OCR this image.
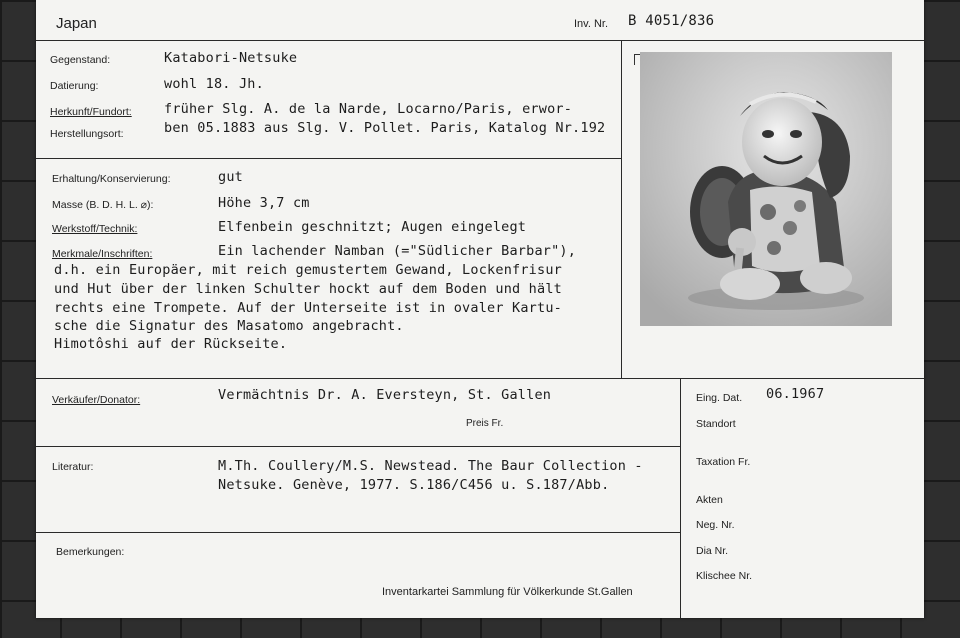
Japan	Inv. Nr. B 4051/836
Gegenstand:	Katabori-Netsuke
Datierung:	wohl 18. Jh.
Herkunft/Fundort: früher Slg. A. de la Narde, Locarno/Paris, erwor-
ben 05.1883 aus Slg. V. Pollet. Paris, Katalog Nr.192
Herstellungsort:
Erhaltung/Konservierung:	gut
Masse (B. D. H. L. ⌀):	Höhe 3,7 cm
Werkstoff/Technik:	Elfenbein geschnitzt; Augen eingelegt
Merkmale/Inschriften:	Ein lachender Namban (="Südlicher Barbar"),
d.h. ein Europäer, mit reich gemustertem Gewand, Lockenfrisur
und Hut über der linken Schulter hockt auf dem Boden und hält
rechts eine Trompete. Auf der Unterseite ist in ovaler Kartu-
sche die Signatur des Masatomo angebracht.
Himotôshi auf der Rückseite.
Verkäufer/Donator:	Vermächtnis Dr. A. Eversteyn, St. Gallen
Preis Fr.
Literatur:	M.Th. Coullery/M.S. Newstead. The Baur Collection -
Netsuke. Genève, 1977. S.186/C456 u. S.187/Abb.
Bemerkungen:
Inventarkartei Sammlung für Völkerkunde St.Gallen
Eing. Dat. 06.1967
Standort
Taxation Fr.
Akten
Neg. Nr.
Dia Nr.
Klischee Nr.
